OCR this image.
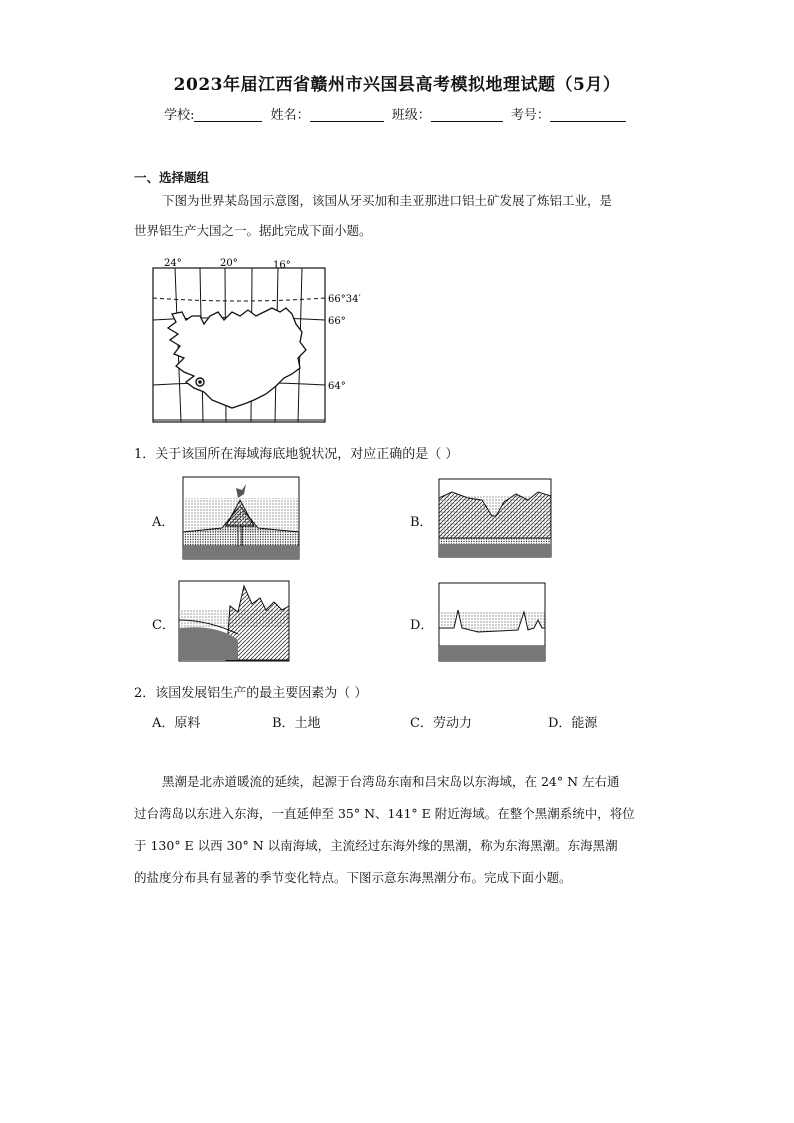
2023年届江西省赣州市兴国县高考模拟地理试题（5月）
学校:	姓名：	班级：	考号：
一、选择题组
下图为世界某岛国示意图，该国从牙买加和圭亚那进口铝土矿发展了炼铝工业，是
世界铝生产大国之一。据此完成下面小题。
24°	20°	16°
66°34′
66°
64°
1．关于该国所在海域海底地貌状况，对应正确的是（ ）
A．	B．
C．	D．
2．该国发展铝生产的最主要因素为（ ）
A．原料	B．土地	C．劳动力	D．能源
黑潮是北赤道暖流的延续，起源于台湾岛东南和吕宋岛以东海域，在 24° N 左右通
过台湾岛以东进入东海，一直延伸至 35° N、141° E 附近海域。在整个黑潮系统中，将位
于 130° E 以西 30° N 以南海域，主流经过东海外缘的黑潮，称为东海黑潮。东海黑潮
的盐度分布具有显著的季节变化特点。下图示意东海黑潮分布。完成下面小题。
